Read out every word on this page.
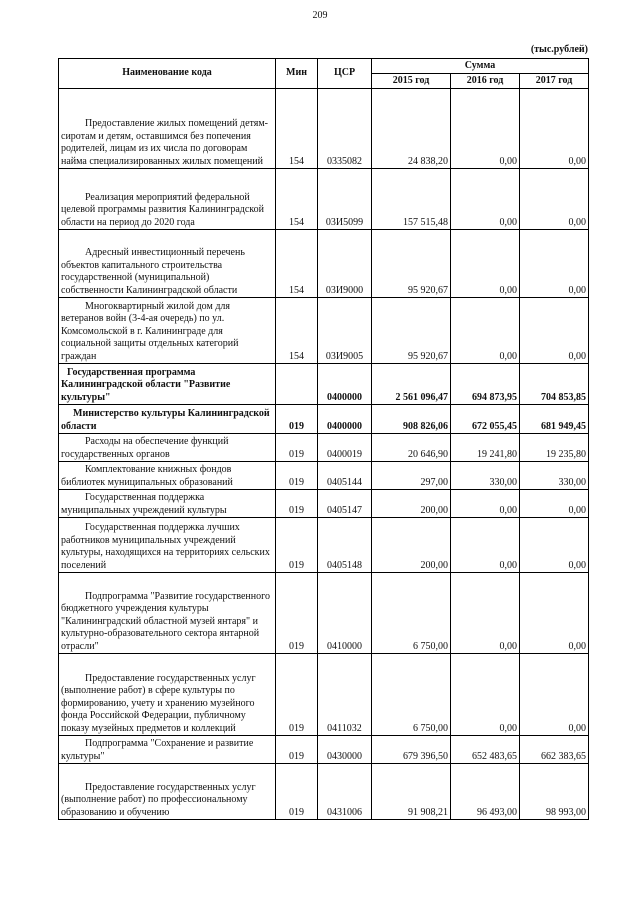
209
(тыс.рублей)
Наименование кода	Мин	ЦСР	Сумма		
			2015 год	2016 год	2017 год

Предоставление жилых помещений детям-сиротам и детям, оставшимся без попечения родителей, лицам из их числа по договорам найма специализированных жилых помещений	154	0335082	24 838,20	0,00	0,00

Реализация мероприятий федеральной целевой программы развития Калининградской области на период до 2020 года	154	03И5099	157 515,48	0,00	0,00

Адресный инвестиционный перечень объектов капитального строительства государственной (муниципальной) собственности Калининградской области	154	03И9000	95 920,67	0,00	0,00

Многоквартирный жилой дом для ветеранов войн (3-4-ая очередь) по ул. Комсомольской в г. Калининграде для социальной защиты отдельных категорий граждан	154	03И9005	95 920,67	0,00	0,00

Государственная программа Калининградской области "Развитие культуры"		0400000	2 561 096,47	694 873,95	704 853,85

Министерство культуры Калининградской области	019	0400000	908 826,06	672 055,45	681 949,45

Расходы на обеспечение функций государственных органов	019	0400019	20 646,90	19 241,80	19 235,80

Комплектование книжных фондов библиотек муниципальных образований	019	0405144	297,00	330,00	330,00

Государственная поддержка муниципальных учреждений культуры	019	0405147	200,00	0,00	0,00

Государственная поддержка лучших работников муниципальных учреждений культуры, находящихся на территориях сельских поселений	019	0405148	200,00	0,00	0,00

Подпрограмма "Развитие государственного бюджетного учреждения культуры "Калининградский областной музей янтаря" и культурно-образовательного сектора янтарной отрасли"	019	0410000	6 750,00	0,00	0,00

Предоставление государственных услуг (выполнение работ) в сфере культуры по формированию, учету и хранению музейного фонда Российской Федерации, публичному показу музейных предметов и коллекций	019	0411032	6 750,00	0,00	0,00

Подпрограмма "Сохранение и развитие культуры"	019	0430000	679 396,50	652 483,65	662 383,65

Предоставление государственных услуг (выполнение работ) по профессиональному образованию и обучению	019	0431006	91 908,21	96 493,00	98 993,00
